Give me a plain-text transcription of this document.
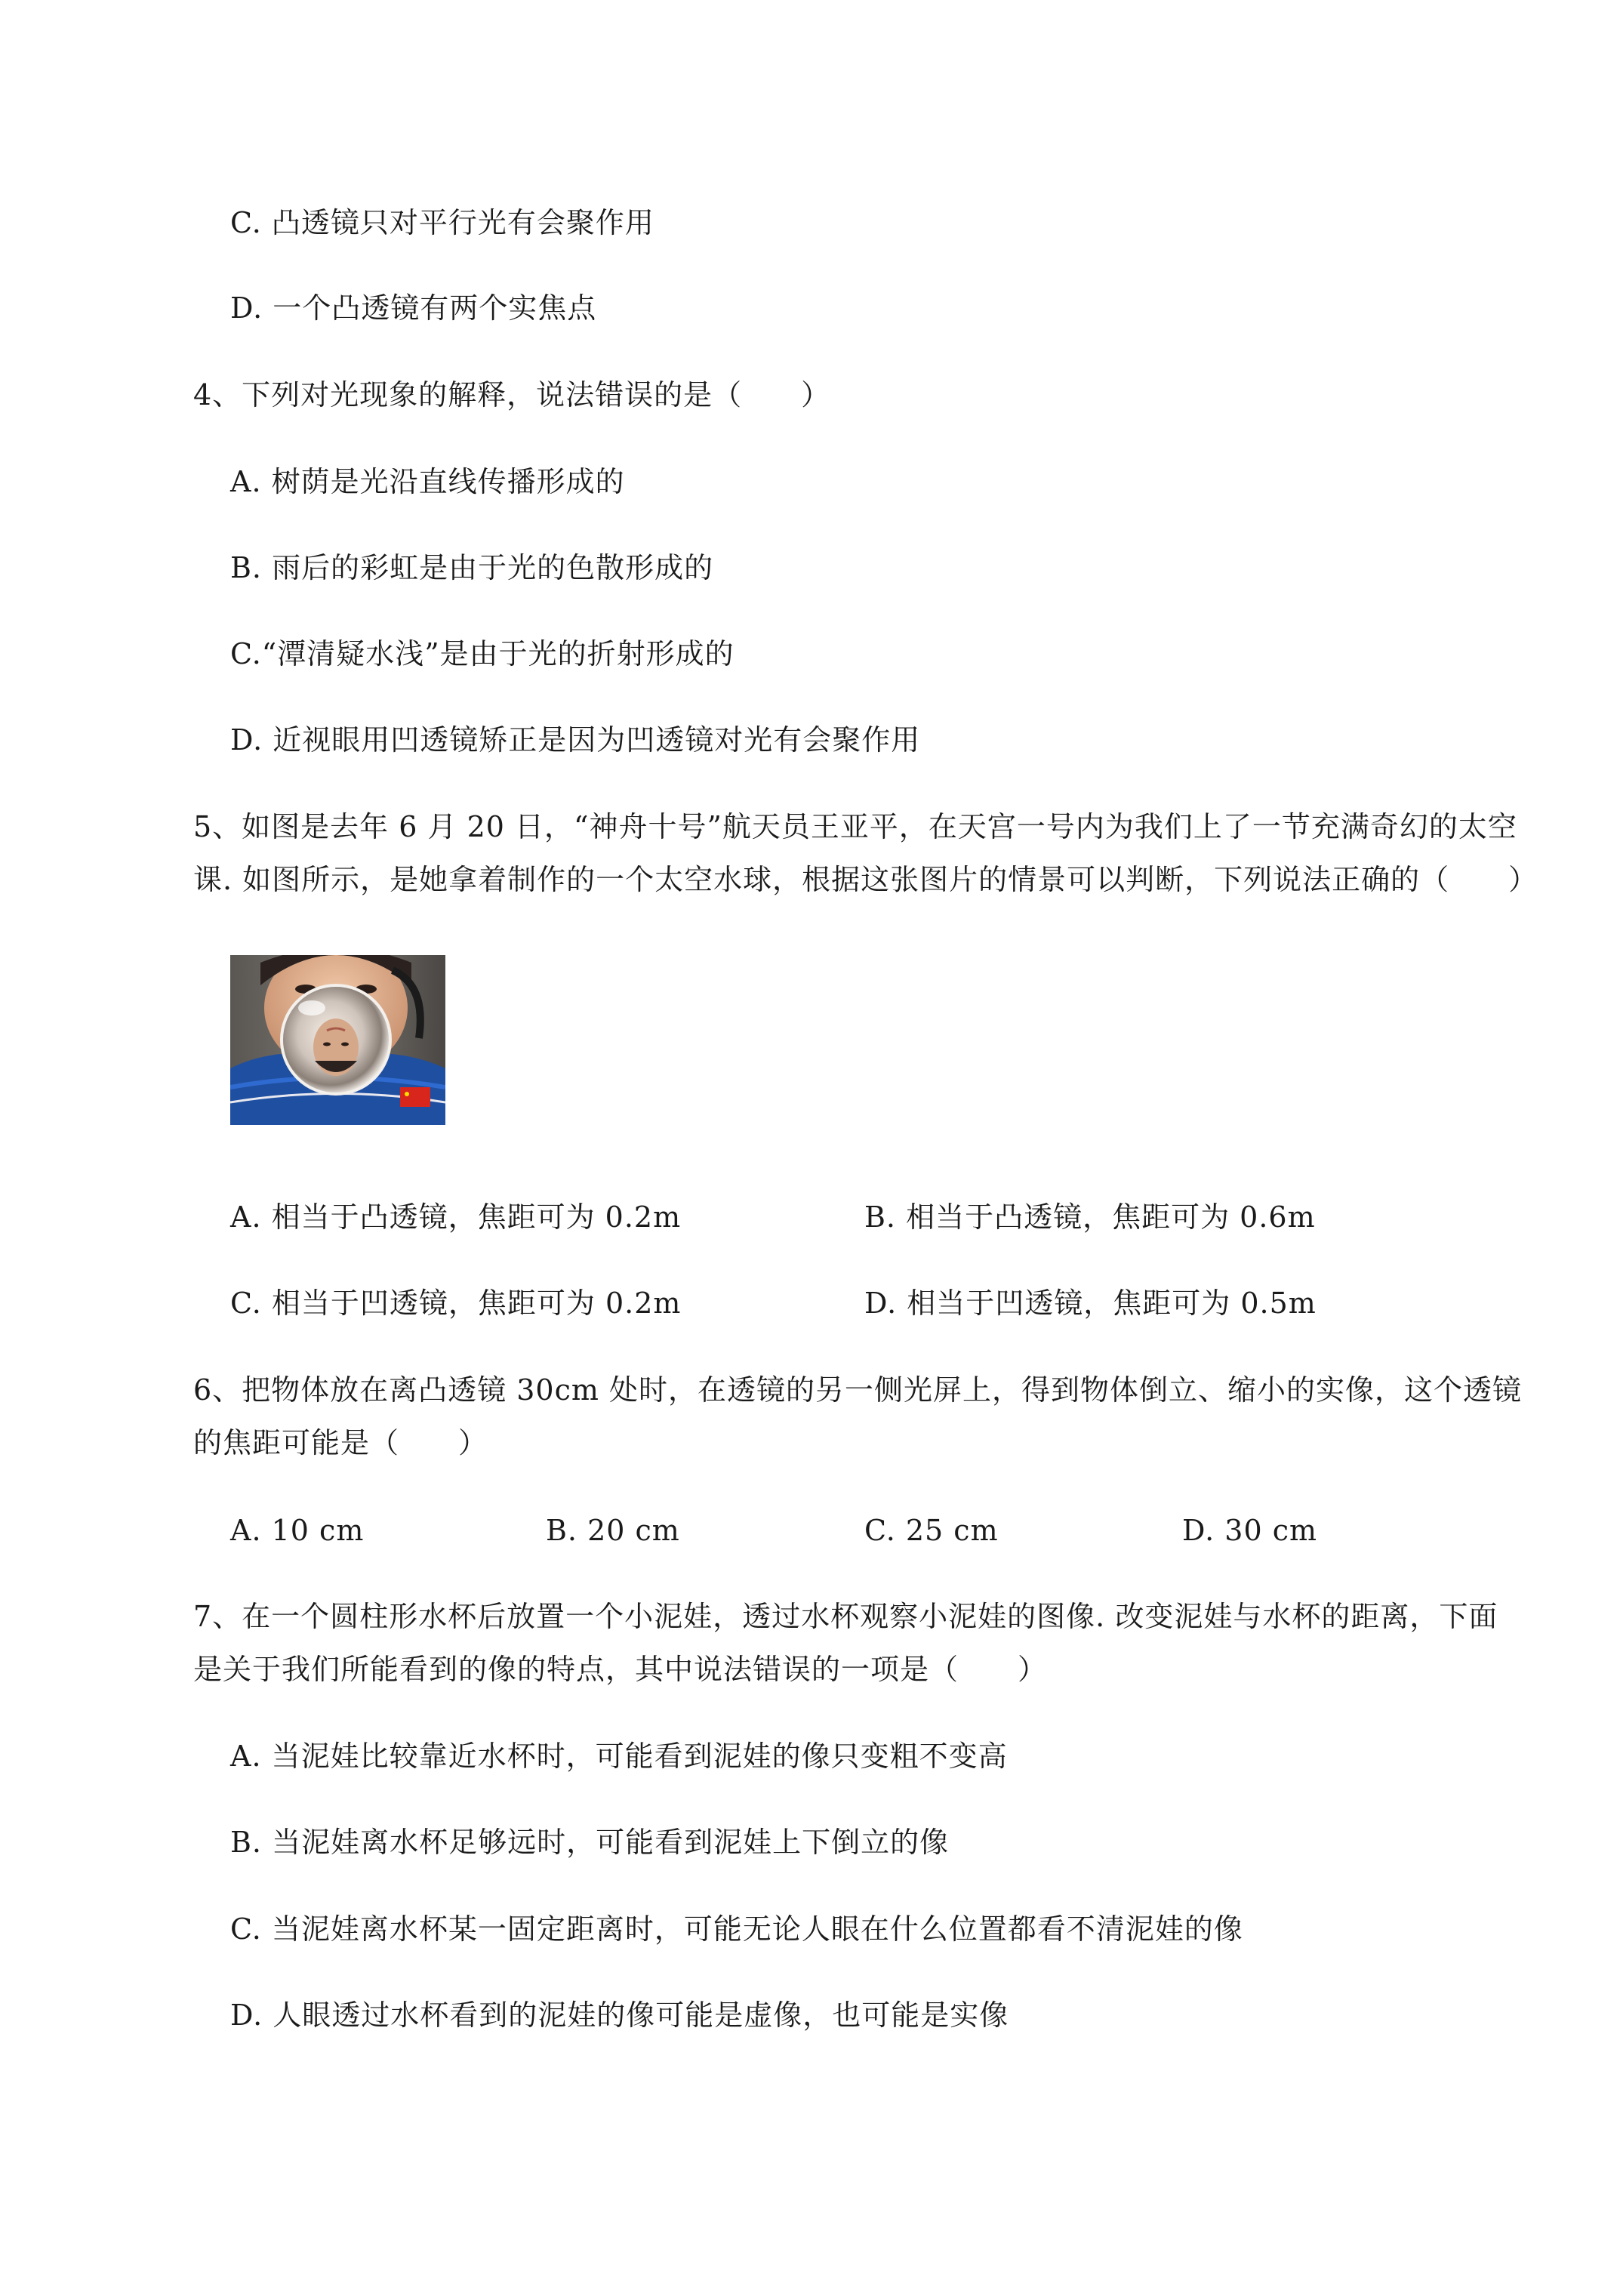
C. 凸透镜只对平行光有会聚作用
D. 一个凸透镜有两个实焦点
4、下列对光现象的解释，说法错误的是（　　）
A. 树荫是光沿直线传播形成的
B. 雨后的彩虹是由于光的色散形成的
C.“潭清疑水浅”是由于光的折射形成的
D. 近视眼用凹透镜矫正是因为凹透镜对光有会聚作用
5、如图是去年 6 月 20 日，“神舟十号”航天员王亚平，在天宫一号内为我们上了一节充满奇幻的太空
课. 如图所示，是她拿着制作的一个太空水球，根据这张图片的情景可以判断，下列说法正确的（　　）
A. 相当于凸透镜，焦距可为 0.2m	B. 相当于凸透镜，焦距可为 0.6m
C. 相当于凹透镜，焦距可为 0.2m	D. 相当于凹透镜，焦距可为 0.5m
6、把物体放在离凸透镜 30cm 处时，在透镜的另一侧光屏上，得到物体倒立、缩小的实像，这个透镜
的焦距可能是（　　）
A. 10 cm	B. 20 cm	C. 25 cm	D. 30 cm
7、在一个圆柱形水杯后放置一个小泥娃，透过水杯观察小泥娃的图像. 改变泥娃与水杯的距离，下面
是关于我们所能看到的像的特点，其中说法错误的一项是（　　）
A. 当泥娃比较靠近水杯时，可能看到泥娃的像只变粗不变高
B. 当泥娃离水杯足够远时，可能看到泥娃上下倒立的像
C. 当泥娃离水杯某一固定距离时，可能无论人眼在什么位置都看不清泥娃的像
D. 人眼透过水杯看到的泥娃的像可能是虚像，也可能是实像
